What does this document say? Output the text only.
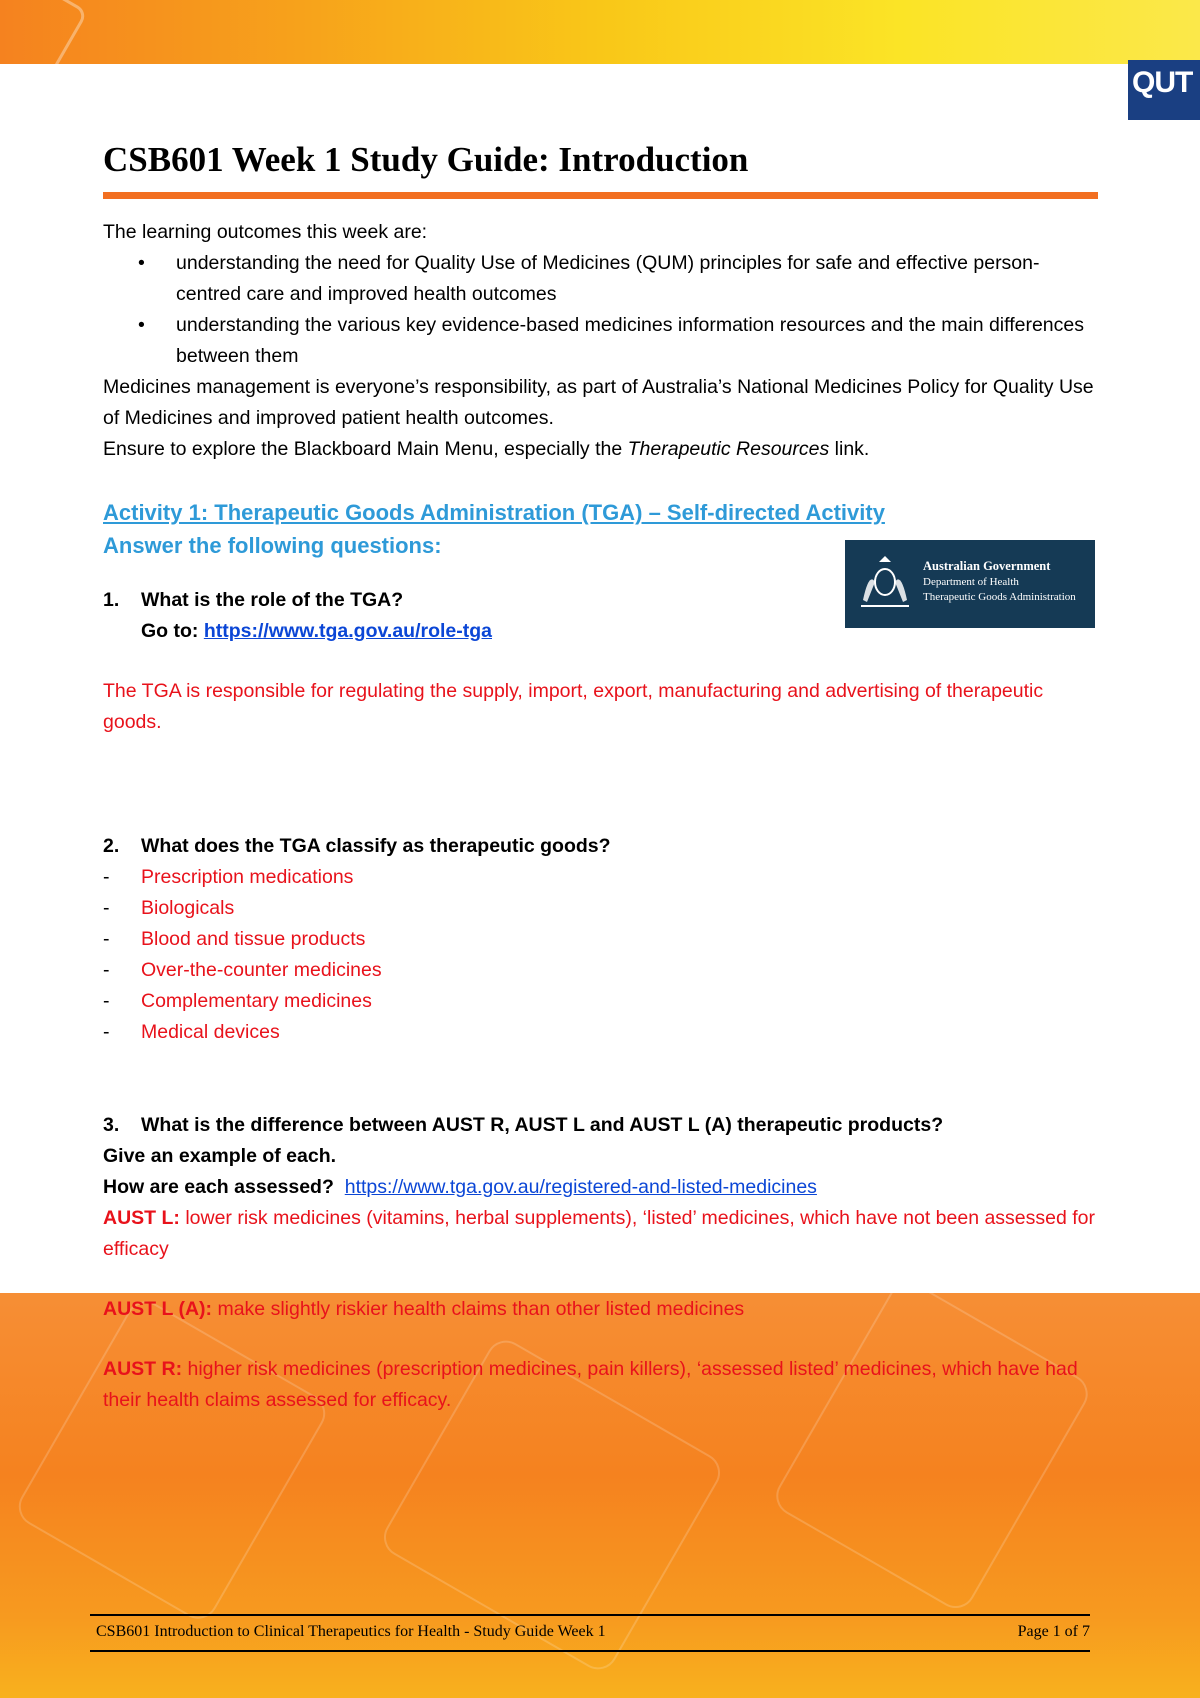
QUT
CSB601 Week 1 Study Guide: Introduction
The learning outcomes this week are:
• understanding the need for Quality Use of Medicines (QUM) principles for safe and effective person-centred care and improved health outcomes
• understanding the various key evidence-based medicines information resources and the main differences between them
Medicines management is everyone’s responsibility, as part of Australia’s National Medicines Policy for Quality Use of Medicines and improved patient health outcomes.
Ensure to explore the Blackboard Main Menu, especially the Therapeutic Resources link.
Activity 1: Therapeutic Goods Administration (TGA) – Self-directed Activity
Answer the following questions:
Australian Government
Department of Health
Therapeutic Goods Administration
1. What is the role of the TGA?
Go to: https://www.tga.gov.au/role-tga
The TGA is responsible for regulating the supply, import, export, manufacturing and advertising of therapeutic goods.
2. What does the TGA classify as therapeutic goods?
- Prescription medications
- Biologicals
- Blood and tissue products
- Over-the-counter medicines
- Complementary medicines
- Medical devices
3. What is the difference between AUST R, AUST L and AUST L (A) therapeutic products?
Give an example of each.
How are each assessed? https://www.tga.gov.au/registered-and-listed-medicines
AUST L: lower risk medicines (vitamins, herbal supplements), ‘listed’ medicines, which have not been assessed for efficacy
AUST L (A): make slightly riskier health claims than other listed medicines
AUST R: higher risk medicines (prescription medicines, pain killers), ‘assessed listed’ medicines, which have had their health claims assessed for efficacy.
CSB601 Introduction to Clinical Therapeutics for Health - Study Guide Week 1	Page 1 of 7
